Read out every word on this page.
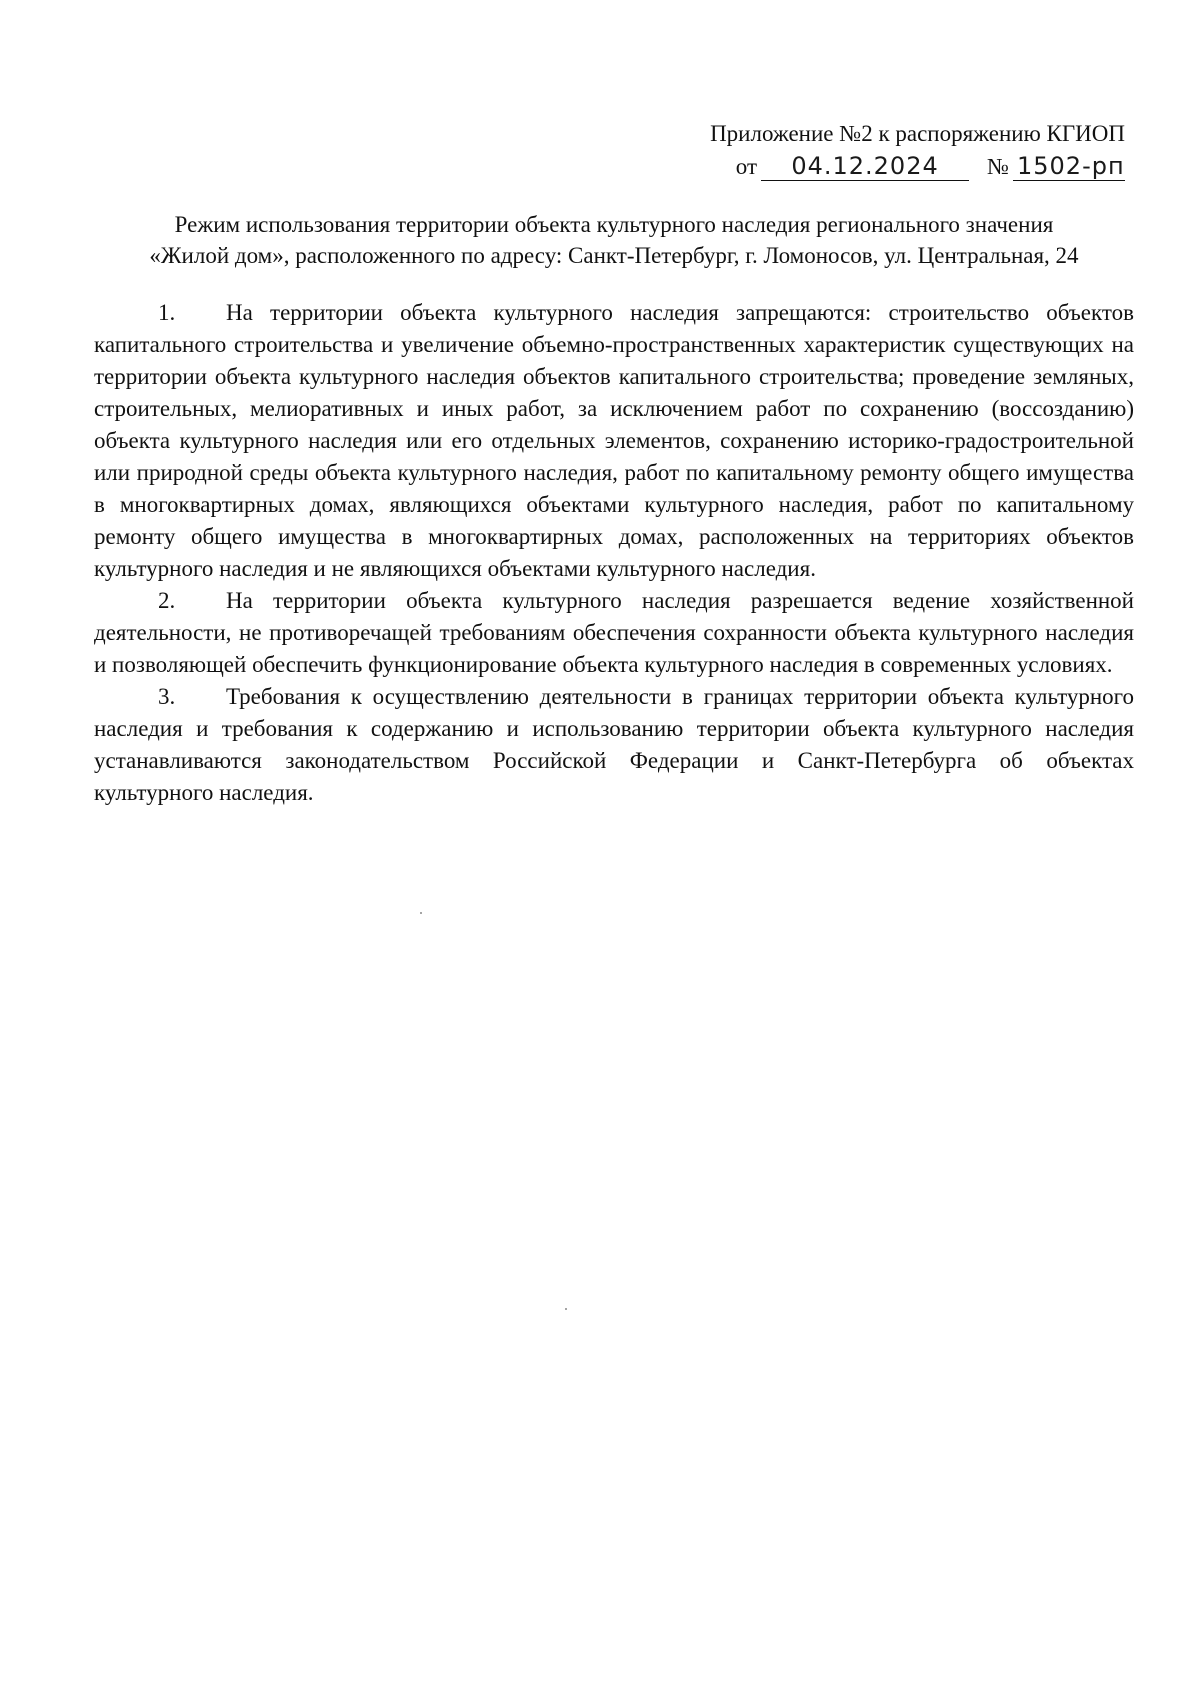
Приложение №2 к распоряжению КГИОП
от 04.12.2024 № 1502-рп
Режим использования территории объекта культурного наследия регионального значения
«Жилой дом», расположенного по адресу: Санкт-Петербург, г. Ломоносов, ул. Центральная, 24

1. На территории объекта культурного наследия запрещаются: строительство объектов капитального строительства и увеличение объемно-пространственных характеристик существующих на территории объекта культурного наследия объектов капитального строительства; проведение земляных, строительных, мелиоративных и иных работ, за исключением работ по сохранению (воссозданию) объекта культурного наследия или его отдельных элементов, сохранению историко-градостроительной или природной среды объекта культурного наследия, работ по капитальному ремонту общего имущества в многоквартирных домах, являющихся объектами культурного наследия, работ по капитальному ремонту общего имущества в многоквартирных домах, расположенных на территориях объектов культурного наследия и не являющихся объектами культурного наследия.

2. На территории объекта культурного наследия разрешается ведение хозяйственной деятельности, не противоречащей требованиям обеспечения сохранности объекта культурного наследия и позволяющей обеспечить функционирование объекта культурного наследия в современных условиях.

3. Требования к осуществлению деятельности в границах территории объекта культурного наследия и требования к содержанию и использованию территории объекта культурного наследия устанавливаются законодательством Российской Федерации и Санкт-Петербурга об объектах культурного наследия.
